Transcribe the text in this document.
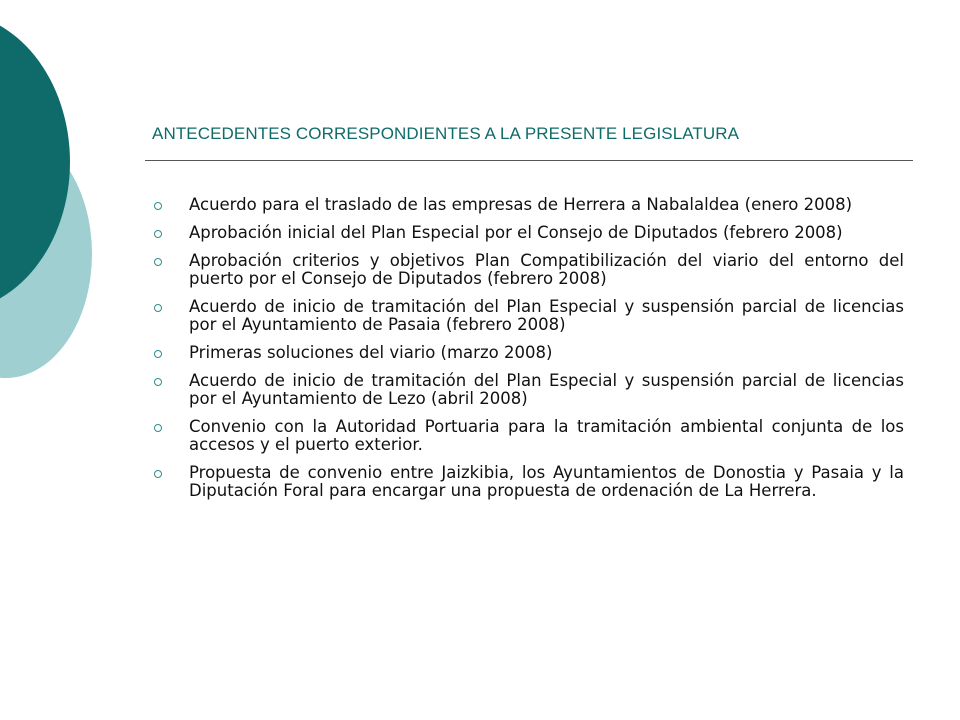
ANTECEDENTES CORRESPONDIENTES A LA PRESENTE LEGISLATURA
Acuerdo para el traslado de las empresas de Herrera a Nabalaldea (enero 2008)
Aprobación inicial del Plan Especial por el Consejo de Diputados (febrero 2008)
Aprobación criterios y objetivos Plan Compatibilización del viario del entorno del puerto por el Consejo de Diputados (febrero 2008)
Acuerdo de inicio de tramitación del Plan Especial y suspensión parcial de licencias por el Ayuntamiento de Pasaia (febrero 2008)
Primeras soluciones del viario (marzo 2008)
Acuerdo de inicio de tramitación del Plan Especial y suspensión parcial de licencias por el Ayuntamiento de Lezo (abril 2008)
Convenio con la Autoridad Portuaria para la tramitación ambiental conjunta de los accesos y el puerto exterior.
Propuesta de convenio entre Jaizkibia, los Ayuntamientos de Donostia y Pasaia y la Diputación Foral para encargar una propuesta de ordenación de La Herrera.
